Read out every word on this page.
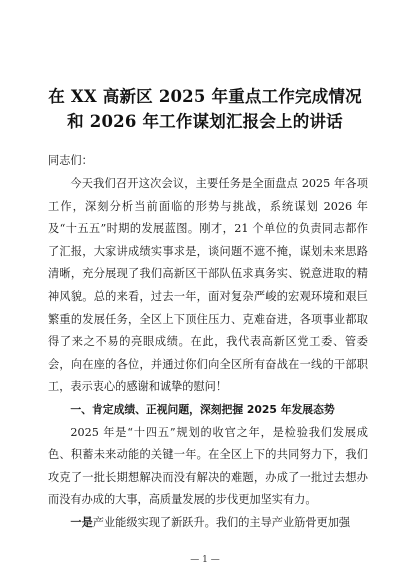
在 XX 高新区 2025 年重点工作完成情况
和 2026 年工作谋划汇报会上的讲话
同志们：

今天我们召开这次会议，主要任务是全面盘点 2025 年各项工作，深刻分析当前面临的形势与挑战，系统谋划 2026 年及“十五五”时期的发展蓝图。刚才，21 个单位的负责同志都作了汇报，大家讲成绩实事求是，谈问题不遮不掩，谋划未来思路清晰，充分展现了我们高新区干部队伍求真务实、锐意进取的精神风貌。总的来看，过去一年，面对复杂严峻的宏观环境和艰巨繁重的发展任务，全区上下顶住压力、克难奋进，各项事业都取得了来之不易的亮眼成绩。在此，我代表高新区党工委、管委会，向在座的各位，并通过你们向全区所有奋战在一线的干部职工，表示衷心的感谢和诚挚的慰问！

一、肯定成绩、正视问题，深刻把握 2025 年发展态势

2025 年是“十四五”规划的收官之年，是检验我们发展成色、积蓄未来动能的关键一年。在全区上下的共同努力下，我们攻克了一批长期想解决而没有解决的难题，办成了一批过去想办而没有办成的大事，高质量发展的步伐更加坚实有力。

一是产业能级实现了新跃升。我们的主导产业筋骨更加强

— 1 —
